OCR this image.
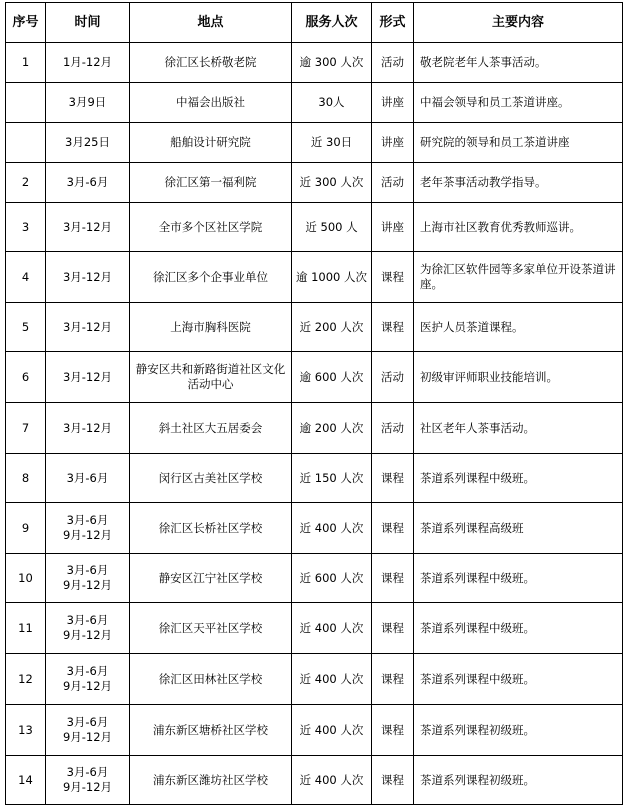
序号	时间	地点	服务人次	形式	主要内容
1	1月-12月	徐汇区长桥敬老院	逾 300 人次	活动	敬老院老年人茶事活动。

	3月9日	中福会出版社	30人	讲座	中福会领导和员工茶道讲座。

	3月25日	船舶设计研究院	近 30日	讲座	研究院的领导和员工茶道讲座
2	3月-6月	徐汇区第一福利院	近 300 人次	活动	老年茶事活动教学指导。
3	3月-12月	全市多个区社区学院	近 500 人	讲座	上海市社区教育优秀教师巡讲。
4	3月-12月	徐汇区多个企事业单位	逾 1000 人次	课程	为徐汇区软件园等多家单位开设茶道讲座。
5	3月-12月	上海市胸科医院	近 200 人次	课程	医护人员茶道课程。
6	3月-12月	静安区共和新路街道社区文化活动中心	逾 600 人次	活动	初级审评师职业技能培训。
7	3月-12月	斜土社区大五居委会	逾 200 人次	活动	社区老年人茶事活动。
8	3月-6月	闵行区古美社区学校	近 150 人次	课程	茶道系列课程中级班。
9	3月-6月
9月-12月	徐汇区长桥社区学校	近 400 人次	课程	茶道系列课程高级班
10	3月-6月
9月-12月	静安区江宁社区学校	近 600 人次	课程	茶道系列课程中级班。
11	3月-6月
9月-12月	徐汇区天平社区学校	近 400 人次	课程	茶道系列课程中级班。
12	3月-6月
9月-12月	徐汇区田林社区学校	近 400 人次	课程	茶道系列课程中级班。
13	3月-6月
9月-12月	浦东新区塘桥社区学校	近 400 人次	课程	茶道系列课程初级班。
14	3月-6月
9月-12月	浦东新区潍坊社区学校	近 400 人次	课程	茶道系列课程初级班。
